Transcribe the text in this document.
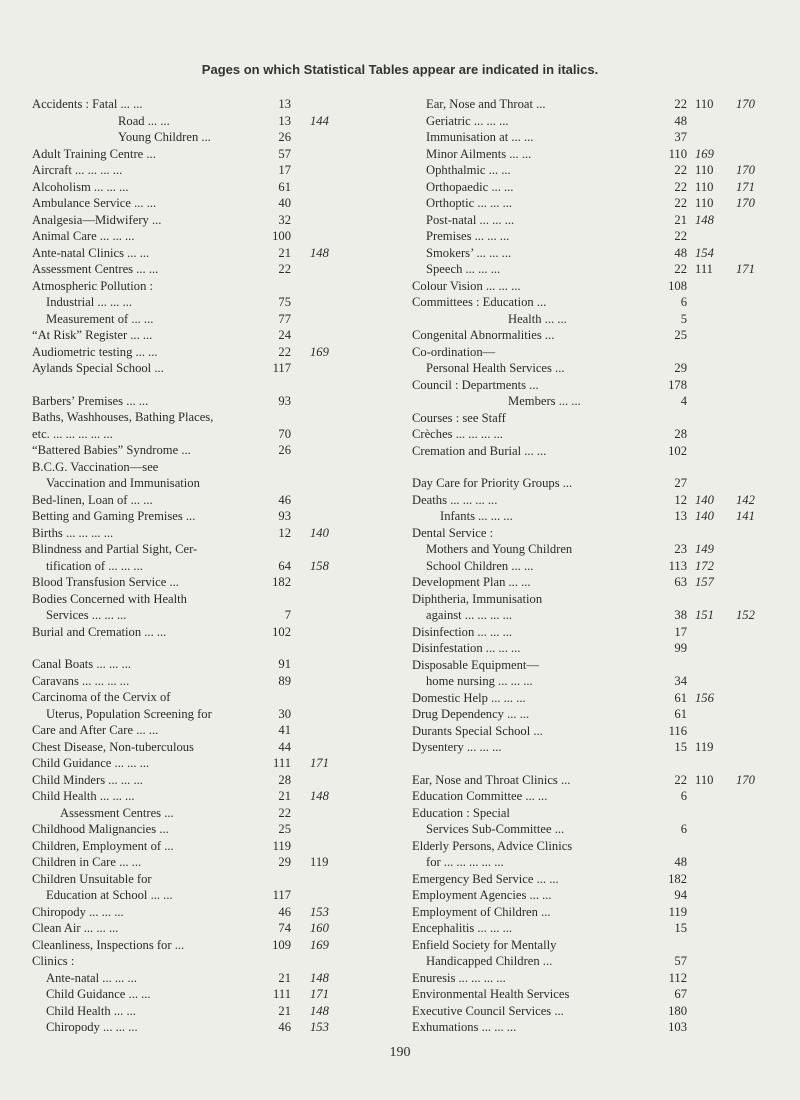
Pages on which Statistical Tables appear are indicated in italics.
Accidents : Fatal ... ...	13
Road ... ...	13 144
Young Children ...	26
Adult Training Centre ...	57
Aircraft ... ... ... ...	17
Alcoholism ... ... ...	61
Ambulance Service ... ...	40
Analgesia—Midwifery ...	32
Animal Care ... ... ...	100
Ante-natal Clinics ... ...	21 148
Assessment Centres ... ...	22
Atmospheric Pollution :
Industrial ... ... ...	75
Measurement of ... ...	77
“At Risk” Register ... ...	24
Audiometric testing ... ...	22 169
Aylands Special School ...	117
Barbers’ Premises ... ...	93
Baths, Washhouses, Bathing Places,
etc. ... ... ... ... ...	70
“Battered Babies” Syndrome ...	26
B.C.G. Vaccination—see
Vaccination and Immunisation
Bed-linen, Loan of ... ...	46
Betting and Gaming Premises ...	93
Births ... ... ... ...	12 140
Blindness and Partial Sight, Cer-
tification of ... ... ...	64 158
Blood Transfusion Service ...	182
Bodies Concerned with Health
Services ... ... ...	7
Burial and Cremation ... ...	102
Canal Boats ... ... ...	91
Caravans ... ... ... ...	89
Carcinoma of the Cervix of
Uterus, Population Screening for	30
Care and After Care ... ...	41
Chest Disease, Non-tuberculous	44
Child Guidance ... ... ...	111 171
Child Minders ... ... ...	28
Child Health ... ... ...	21 148
Assessment Centres ...	22
Childhood Malignancies ...	25
Children, Employment of ...	119
Children in Care ... ...	29 119
Children Unsuitable for
Education at School ... ...	117
Chiropody ... ... ...	46 153
Clean Air ... ... ...	74 160
Cleanliness, Inspections for ...	109 169
Clinics :
Ante-natal ... ... ...	21 148
Child Guidance ... ...	111 171
Child Health ... ...	21 148
Chiropody ... ... ...	46 153
Ear, Nose and Throat ...	22 110 170
Geriatric ... ... ...	48
Immunisation at ... ...	37
Minor Ailments ... ...	110 169
Ophthalmic ... ...	22 110 170
Orthopaedic ... ...	22 110 171
Orthoptic ... ... ...	22 110 170
Post-natal ... ... ...	21 148
Premises ... ... ...	22
Smokers’ ... ... ...	48 154
Speech ... ... ...	22 111 171
Colour Vision ... ... ...	108
Committees : Education ...	6
Health ... ...	5
Congenital Abnormalities ...	25
Co-ordination—
Personal Health Services ...	29
Council : Departments ...	178
Members ... ...	4
Courses : see Staff
Crèches ... ... ... ...	28
Cremation and Burial ... ...	102
Day Care for Priority Groups ...	27
Deaths ... ... ... ...	12 140 142
Infants ... ... ...	13 140 141
Dental Service :
Mothers and Young Children	23 149
School Children ... ...	113 172
Development Plan ... ...	63 157
Diphtheria, Immunisation
against ... ... ... ...	38 151 152
Disinfection ... ... ...	17
Disinfestation ... ... ...	99
Disposable Equipment—
home nursing ... ... ...	34
Domestic Help ... ... ...	61 156
Drug Dependency ... ...	61
Durants Special School ...	116
Dysentery ... ... ...	15 119
Ear, Nose and Throat Clinics ...	22 110 170
Education Committee ... ...	6
Education : Special
Services Sub-Committee ...	6
Elderly Persons, Advice Clinics
for ... ... ... ... ...	48
Emergency Bed Service ... ...	182
Employment Agencies ... ...	94
Employment of Children ...	119
Encephalitis ... ... ...	15
Enfield Society for Mentally
Handicapped Children ...	57
Enuresis ... ... ... ...	112
Environmental Health Services	67
Executive Council Services ...	180
Exhumations ... ... ...	103
190
